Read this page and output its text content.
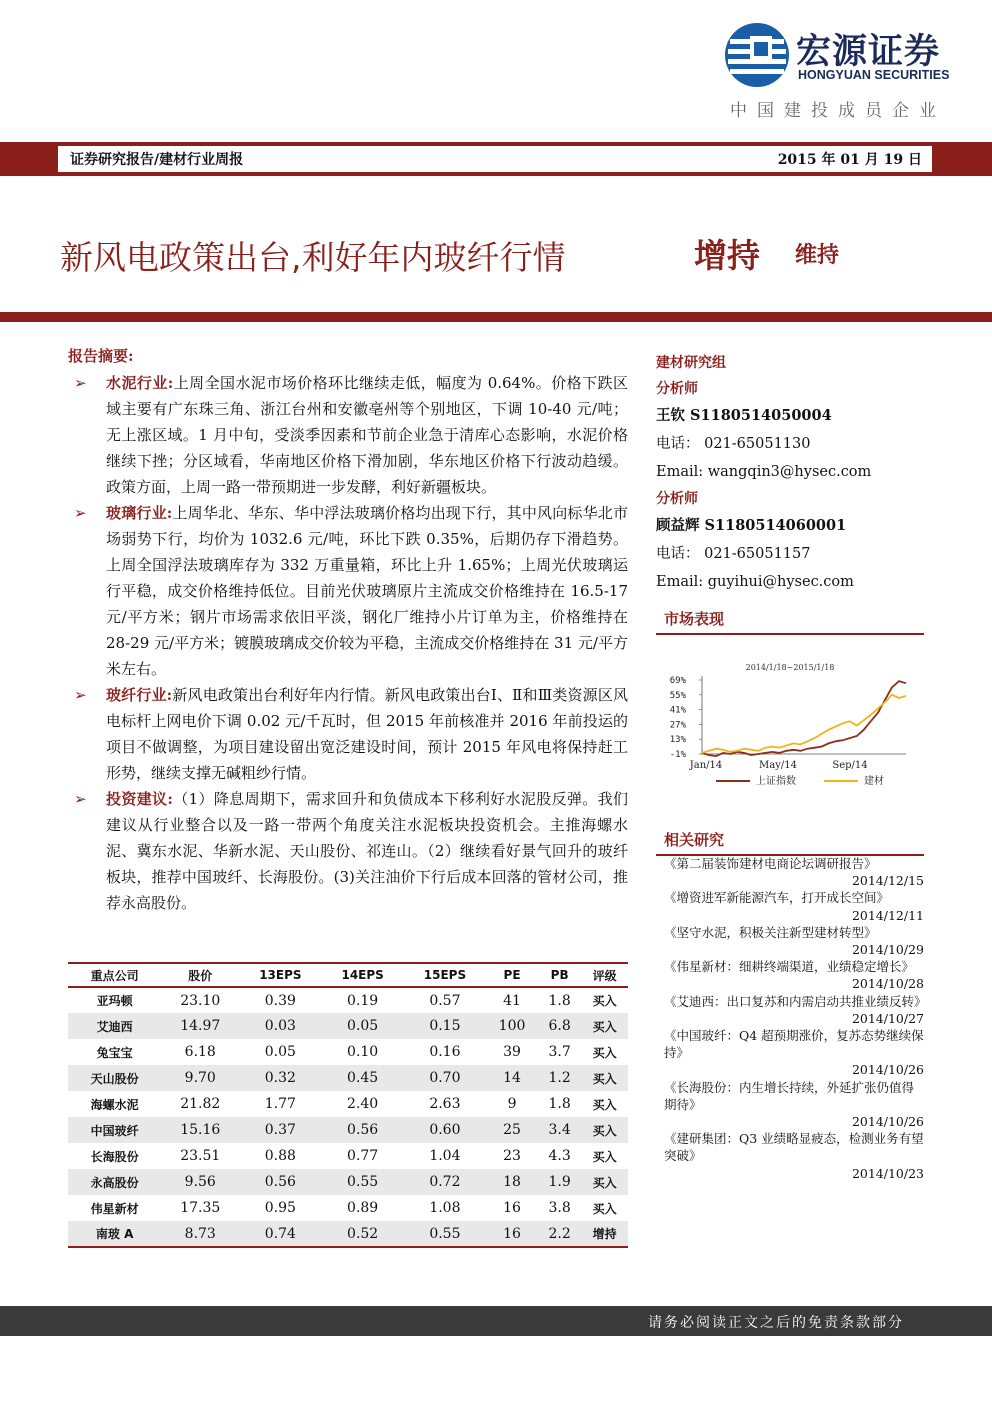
宏源证券
HONGYUAN SECURITIES
中国建投成员企业
证券研究报告/建材行业周报	2015 年 01 月 19 日
新风电政策出台,利好年内玻纤行情	增持 维持
报告摘要:
➢ 水泥行业:上周全国水泥市场价格环比继续走低，幅度为 0.64%。价格下跌区域主要有广东珠三角、浙江台州和安徽亳州等个别地区，下调 10-40 元/吨；无上涨区域。1 月中旬，受淡季因素和节前企业急于清库心态影响，水泥价格继续下挫；分区域看，华南地区价格下滑加剧，华东地区价格下行波动趋缓。政策方面，上周一路一带预期进一步发酵，利好新疆板块。
➢ 玻璃行业:上周华北、华东、华中浮法玻璃价格均出现下行，其中风向标华北市场弱势下行，均价为 1032.6 元/吨，环比下跌 0.35%，后期仍存下滑趋势。上周全国浮法玻璃库存为 332 万重量箱，环比上升 1.65%；上周光伏玻璃运行平稳，成交价格维持低位。目前光伏玻璃原片主流成交价格维持在 16.5-17 元/平方米；钢片市场需求依旧平淡，钢化厂维持小片订单为主，价格维持在 28-29 元/平方米；镀膜玻璃成交价较为平稳，主流成交价格维持在 31 元/平方米左右。
➢ 玻纤行业:新风电政策出台利好年内行情。新风电政策出台Ⅰ、Ⅱ和Ⅲ类资源区风电标杆上网电价下调 0.02 元/千瓦时，但 2015 年前核准并 2016 年前投运的项目不做调整，为项目建设留出宽泛建设时间，预计 2015 年风电将保持赶工形势，继续支撑无碱粗纱行情。
➢ 投资建议:（1）降息周期下，需求回升和负债成本下移利好水泥股反弹。我们建议从行业整合以及一路一带两个角度关注水泥板块投资机会。主推海螺水泥、冀东水泥、华新水泥、天山股份、祁连山。（2）继续看好景气回升的玻纤板块，推荐中国玻纤、长海股份。(3)关注油价下行后成本回落的管材公司，推荐永高股份。
重点公司	股价	13EPS	14EPS	15EPS	PE	PB	评级
亚玛顿	23.10	0.39	0.19	0.57	41	1.8	买入
艾迪西	14.97	0.03	0.05	0.15	100	6.8	买入
兔宝宝	6.18	0.05	0.10	0.16	39	3.7	买入
天山股份	9.70	0.32	0.45	0.70	14	1.2	买入
海螺水泥	21.82	1.77	2.40	2.63	9	1.8	买入
中国玻纤	15.16	0.37	0.56	0.60	25	3.4	买入
长海股份	23.51	0.88	0.77	1.04	23	4.3	买入
永高股份	9.56	0.56	0.55	0.72	18	1.9	买入
伟星新材	17.35	0.95	0.89	1.08	16	3.8	买入
南玻 A	8.73	0.74	0.52	0.55	16	2.2	增持
建材研究组
分析师
王钦 S1180514050004
电话： 021-65051130
Email: wangqin3@hysec.com
分析师
顾益辉 S1180514060001
电话： 021-65051157
Email: guyihui@hysec.com
市场表现
2014/1/18~2015/1/18
69%
55%
41%
27%
13%
-1%
Jan/14	May/14	Sep/14
上证指数	建材
相关研究
《第二届装饰建材电商论坛调研报告》
2014/12/15
《增资进军新能源汽车，打开成长空间》
2014/12/11
《坚守水泥，积极关注新型建材转型》
2014/10/29
《伟星新材：细耕终端渠道，业绩稳定增长》
2014/10/28
《艾迪西：出口复苏和内需启动共推业绩反转》
2014/10/27
《中国玻纤：Q4 超预期涨价，复苏态势继续保持》
2014/10/26
《长海股份：内生增长持续，外延扩张仍值得期待》
2014/10/26
《建研集团：Q3 业绩略显疲态，检测业务有望突破》
2014/10/23
请务必阅读正文之后的免责条款部分
